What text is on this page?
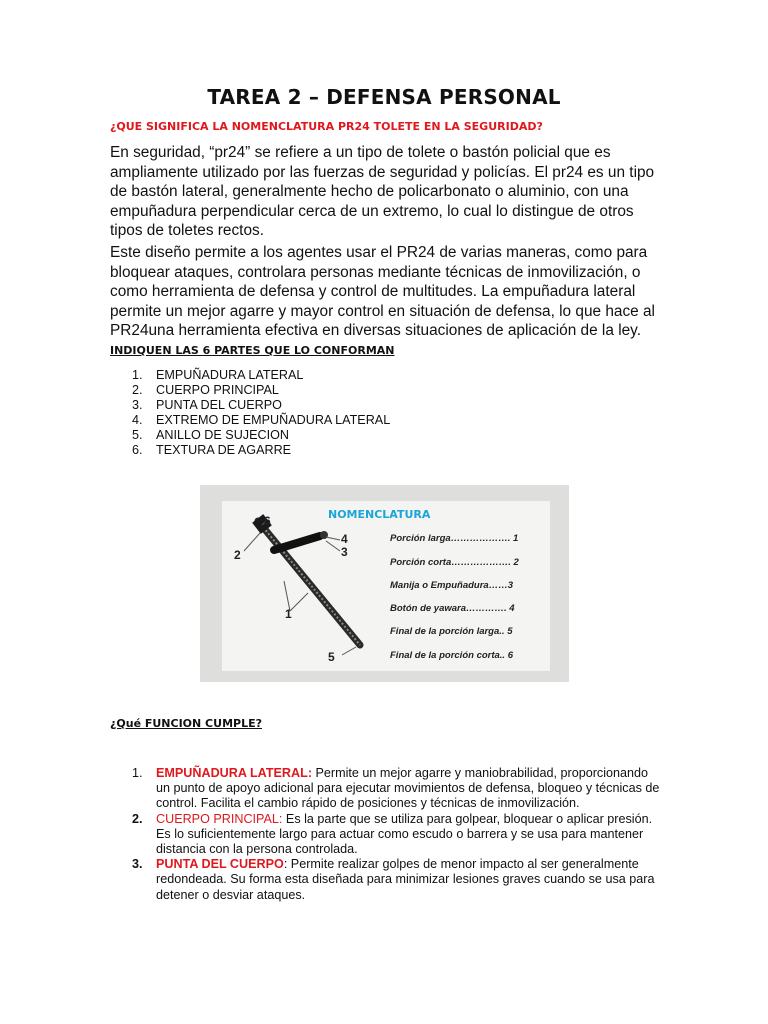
TAREA 2 – DEFENSA PERSONAL
¿QUE SIGNIFICA LA NOMENCLATURA PR24 TOLETE EN LA SEGURIDAD?

En seguridad, “pr24” se refiere a un tipo de tolete o bastón policial que es ampliamente utilizado por las fuerzas de seguridad y policías. El pr24 es un tipo de bastón lateral, generalmente hecho de policarbonato o aluminio, con una empuñadura perpendicular cerca de un extremo, lo cual lo distingue de otros tipos de toletes rectos.

Este diseño permite a los agentes usar el PR24 de varias maneras, como para bloquear ataques, controlara personas mediante técnicas de inmovilización, o como herramienta de defensa y control de multitudes. La empuñadura lateral permite un mejor agarre y mayor control en situación de defensa, lo que hace al PR24una herramienta efectiva en diversas situaciones de aplicación de la ley.

INDIQUEN LAS 6 PARTES QUE LO CONFORMAN
1. EMPUÑADURA LATERAL
2. CUERPO PRINCIPAL
3. PUNTA DEL CUERPO
4. EXTREMO DE EMPUÑADURA LATERAL
5. ANILLO DE SUJECION
6. TEXTURA DE AGARRE
NOMENCLATURA
6
4
3
2
1
5
Porción larga………………. 1
Porción corta………………. 2
Manija o Empuñadura……3
Botón de yawara…………. 4
Final de la porción larga.. 5
Final de la porción corta.. 6
¿Qué FUNCION CUMPLE?
1. EMPUÑADURA LATERAL: Permite un mejor agarre y maniobrabilidad, proporcionando un punto de apoyo adicional para ejecutar movimientos de defensa, bloqueo y técnicas de control. Facilita el cambio rápido de posiciones y técnicas de inmovilización.
2. CUERPO PRINCIPAL: Es la parte que se utiliza para golpear, bloquear o aplicar presión. Es lo suficientemente largo para actuar como escudo o barrera y se usa para mantener distancia con la persona controlada.
3. PUNTA DEL CUERPO: Permite realizar golpes de menor impacto al ser generalmente redondeada. Su forma esta diseñada para minimizar lesiones graves cuando se usa para detener o desviar ataques.
